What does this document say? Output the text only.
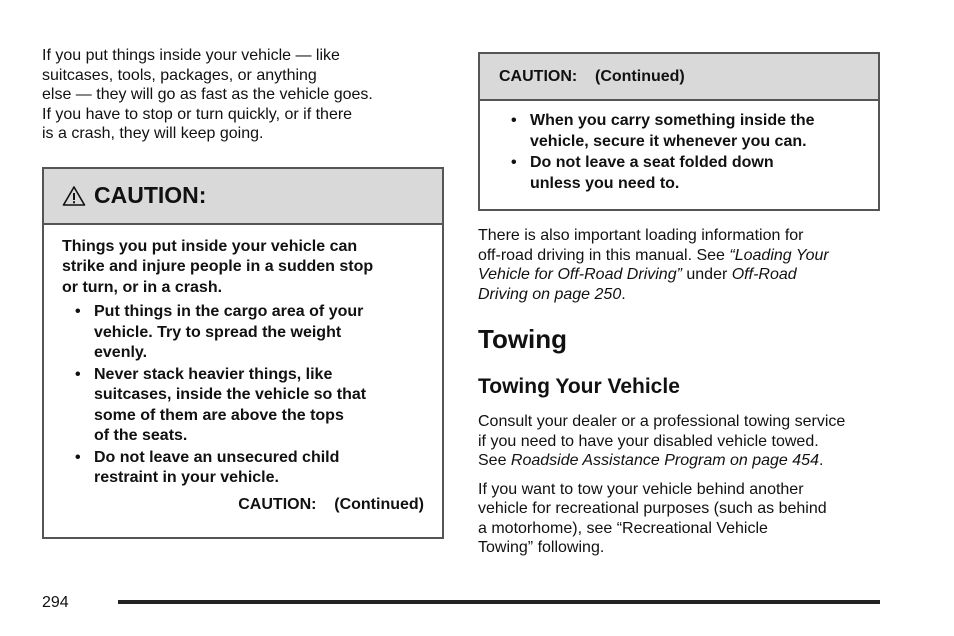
If you put things inside your vehicle — like
suitcases, tools, packages, or anything
else — they will go as fast as the vehicle goes.
If you have to stop or turn quickly, or if there
is a crash, they will keep going.

CAUTION:

Things you put inside your vehicle can
strike and injure people in a sudden stop
or turn, or in a crash.

• Put things in the cargo area of your
vehicle. Try to spread the weight
evenly.
• Never stack heavier things, like
suitcases, inside the vehicle so that
some of them are above the tops
of the seats.
• Do not leave an unsecured child
restraint in your vehicle.
CAUTION:    (Continued)
CAUTION:    (Continued)
• When you carry something inside the
vehicle, secure it whenever you can.
• Do not leave a seat folded down
unless you need to.

There is also important loading information for
off-road driving in this manual. See “Loading Your
Vehicle for Off-Road Driving” under Off-Road
Driving on page 250.

Towing
Towing Your Vehicle

Consult your dealer or a professional towing service
if you need to have your disabled vehicle towed.
See Roadside Assistance Program on page 454.

If you want to tow your vehicle behind another
vehicle for recreational purposes (such as behind
a motorhome), see “Recreational Vehicle
Towing” following.

294
